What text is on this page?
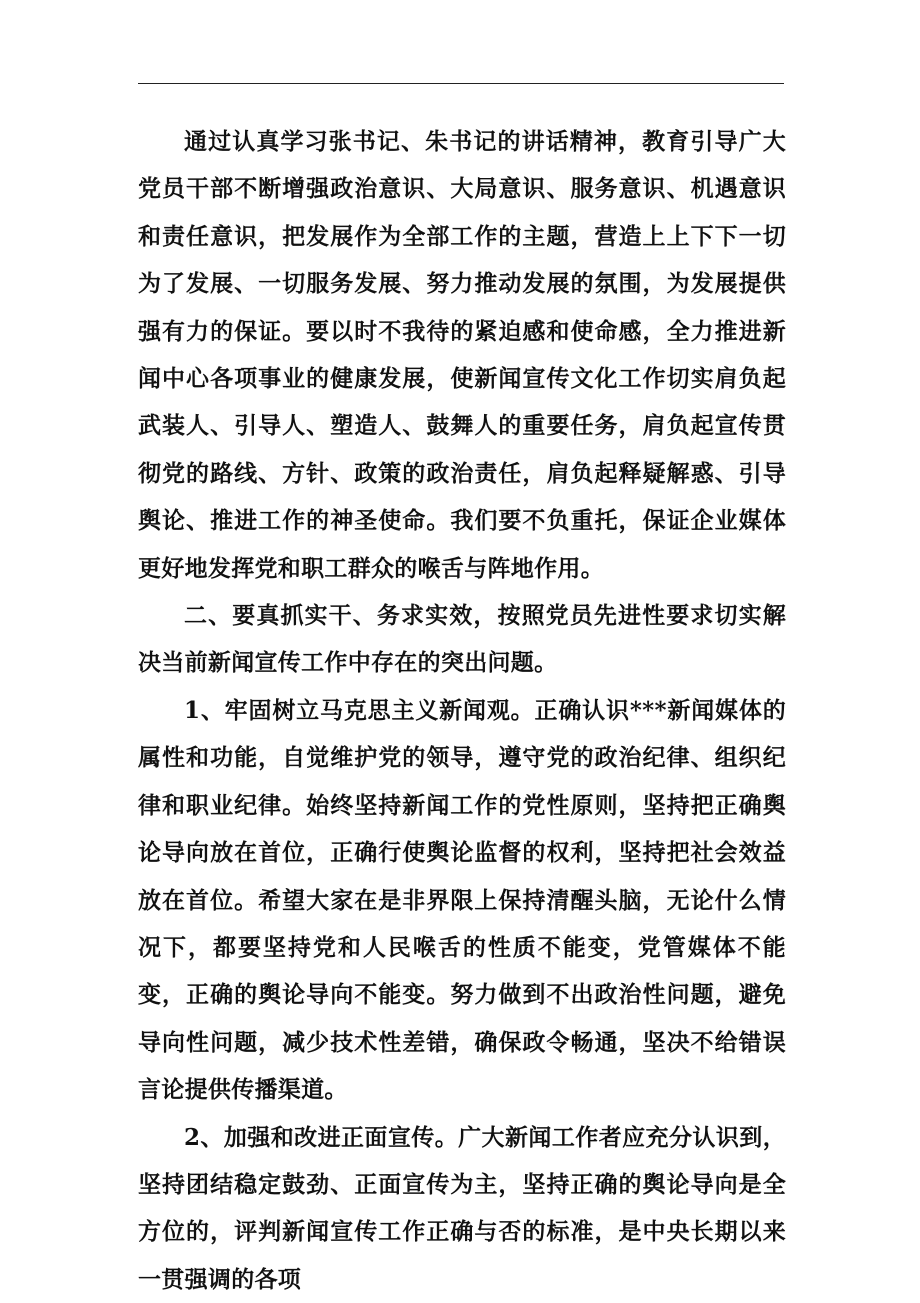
通过认真学习张书记、朱书记的讲话精神，教育引导广大党员干部不断增强政治意识、大局意识、服务意识、机遇意识和责任意识，把发展作为全部工作的主题，营造上上下下一切为了发展、一切服务发展、努力推动发展的氛围，为发展提供强有力的保证。要以时不我待的紧迫感和使命感，全力推进新闻中心各项事业的健康发展，使新闻宣传文化工作切实肩负起武装人、引导人、塑造人、鼓舞人的重要任务，肩负起宣传贯彻党的路线、方针、政策的政治责任，肩负起释疑解惑、引导舆论、推进工作的神圣使命。我们要不负重托，保证企业媒体更好地发挥党和职工群众的喉舌与阵地作用。

二、要真抓实干、务求实效，按照党员先进性要求切实解决当前新闻宣传工作中存在的突出问题。

1、牢固树立马克思主义新闻观。正确认识***新闻媒体的属性和功能，自觉维护党的领导，遵守党的政治纪律、组织纪律和职业纪律。始终坚持新闻工作的党性原则，坚持把正确舆论导向放在首位，正确行使舆论监督的权利，坚持把社会效益放在首位。希望大家在是非界限上保持清醒头脑，无论什么情况下，都要坚持党和人民喉舌的性质不能变，党管媒体不能变，正确的舆论导向不能变。努力做到不出政治性问题，避免导向性问题，减少技术性差错，确保政令畅通，坚决不给错误言论提供传播渠道。

2、加强和改进正面宣传。广大新闻工作者应充分认识到，坚持团结稳定鼓劲、正面宣传为主，坚持正确的舆论导向是全方位的，评判新闻宣传工作正确与否的标准，是中央长期以来一贯强调的各项
